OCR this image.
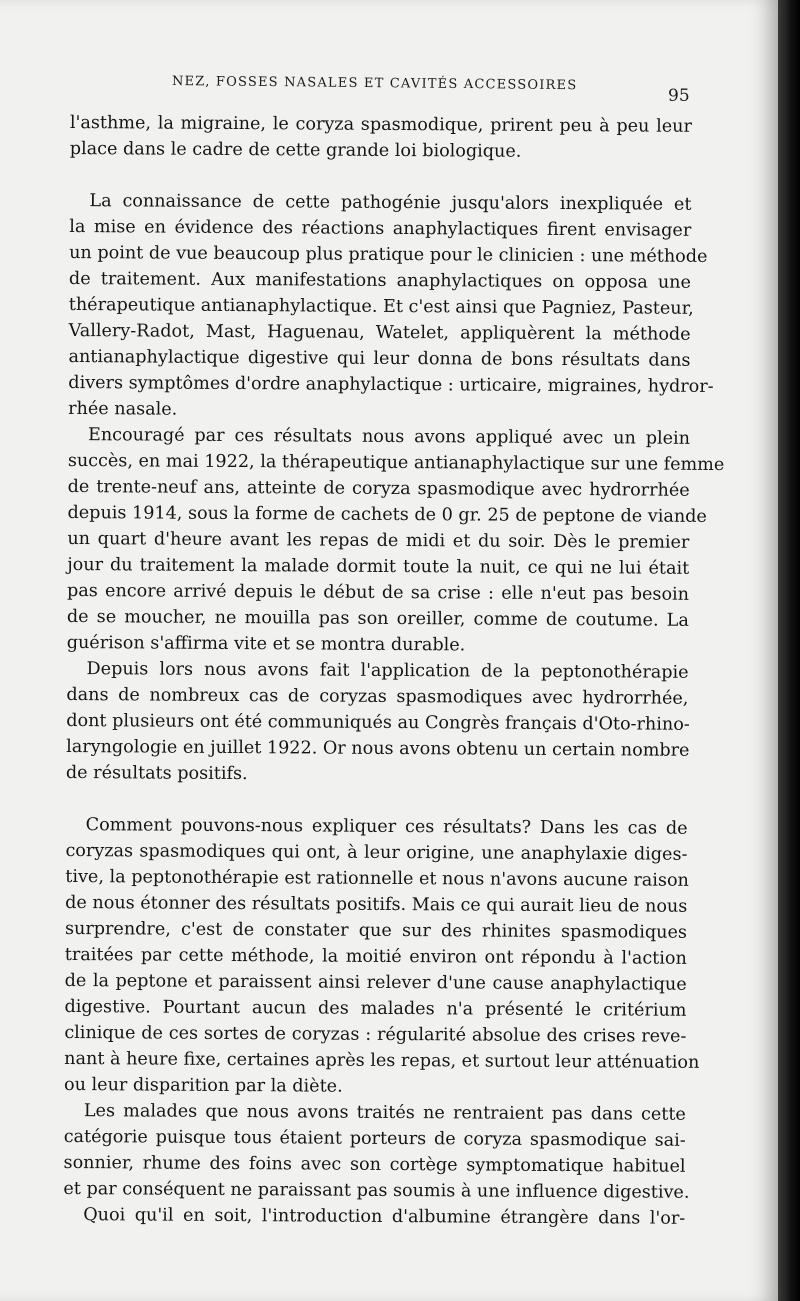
NEZ, FOSSES NASALES ET CAVITÉS ACCESSOIRES
95

l'asthme, la migraine, le coryza spasmodique, prirent peu à peu leur
place dans le cadre de cette grande loi biologique.

La connaissance de cette pathogénie jusqu'alors inexpliquée et
la mise en évidence des réactions anaphylactiques firent envisager
un point de vue beaucoup plus pratique pour le clinicien : une méthode
de traitement. Aux manifestations anaphylactiques on opposa une
thérapeutique antianaphylactique. Et c'est ainsi que Pagniez, Pasteur,
Vallery-Radot, Mast, Haguenau, Watelet, appliquèrent la méthode
antianaphylactique digestive qui leur donna de bons résultats dans
divers symptômes d'ordre anaphylactique : urticaire, migraines, hydror-
rhée nasale.

Encouragé par ces résultats nous avons appliqué avec un plein
succès, en mai 1922, la thérapeutique antianaphylactique sur une femme
de trente-neuf ans, atteinte de coryza spasmodique avec hydrorrhée
depuis 1914, sous la forme de cachets de 0 gr. 25 de peptone de viande
un quart d'heure avant les repas de midi et du soir. Dès le premier
jour du traitement la malade dormit toute la nuit, ce qui ne lui était
pas encore arrivé depuis le début de sa crise : elle n'eut pas besoin
de se moucher, ne mouilla pas son oreiller, comme de coutume. La
guérison s'affirma vite et se montra durable.

Depuis lors nous avons fait l'application de la peptonothérapie
dans de nombreux cas de coryzas spasmodiques avec hydrorrhée,
dont plusieurs ont été communiqués au Congrès français d'Oto-rhino-
laryngologie en juillet 1922. Or nous avons obtenu un certain nombre
de résultats positifs.

Comment pouvons-nous expliquer ces résultats? Dans les cas de
coryzas spasmodiques qui ont, à leur origine, une anaphylaxie diges-
tive, la peptonothérapie est rationnelle et nous n'avons aucune raison
de nous étonner des résultats positifs. Mais ce qui aurait lieu de nous
surprendre, c'est de constater que sur des rhinites spasmodiques
traitées par cette méthode, la moitié environ ont répondu à l'action
de la peptone et paraissent ainsi relever d'une cause anaphylactique
digestive. Pourtant aucun des malades n'a présenté le critérium
clinique de ces sortes de coryzas : régularité absolue des crises reve-
nant à heure fixe, certaines après les repas, et surtout leur atténuation
ou leur disparition par la diète.

Les malades que nous avons traités ne rentraient pas dans cette
catégorie puisque tous étaient porteurs de coryza spasmodique sai-
sonnier, rhume des foins avec son cortège symptomatique habituel
et par conséquent ne paraissant pas soumis à une influence digestive.

Quoi qu'il en soit, l'introduction d'albumine étrangère dans l'or-
